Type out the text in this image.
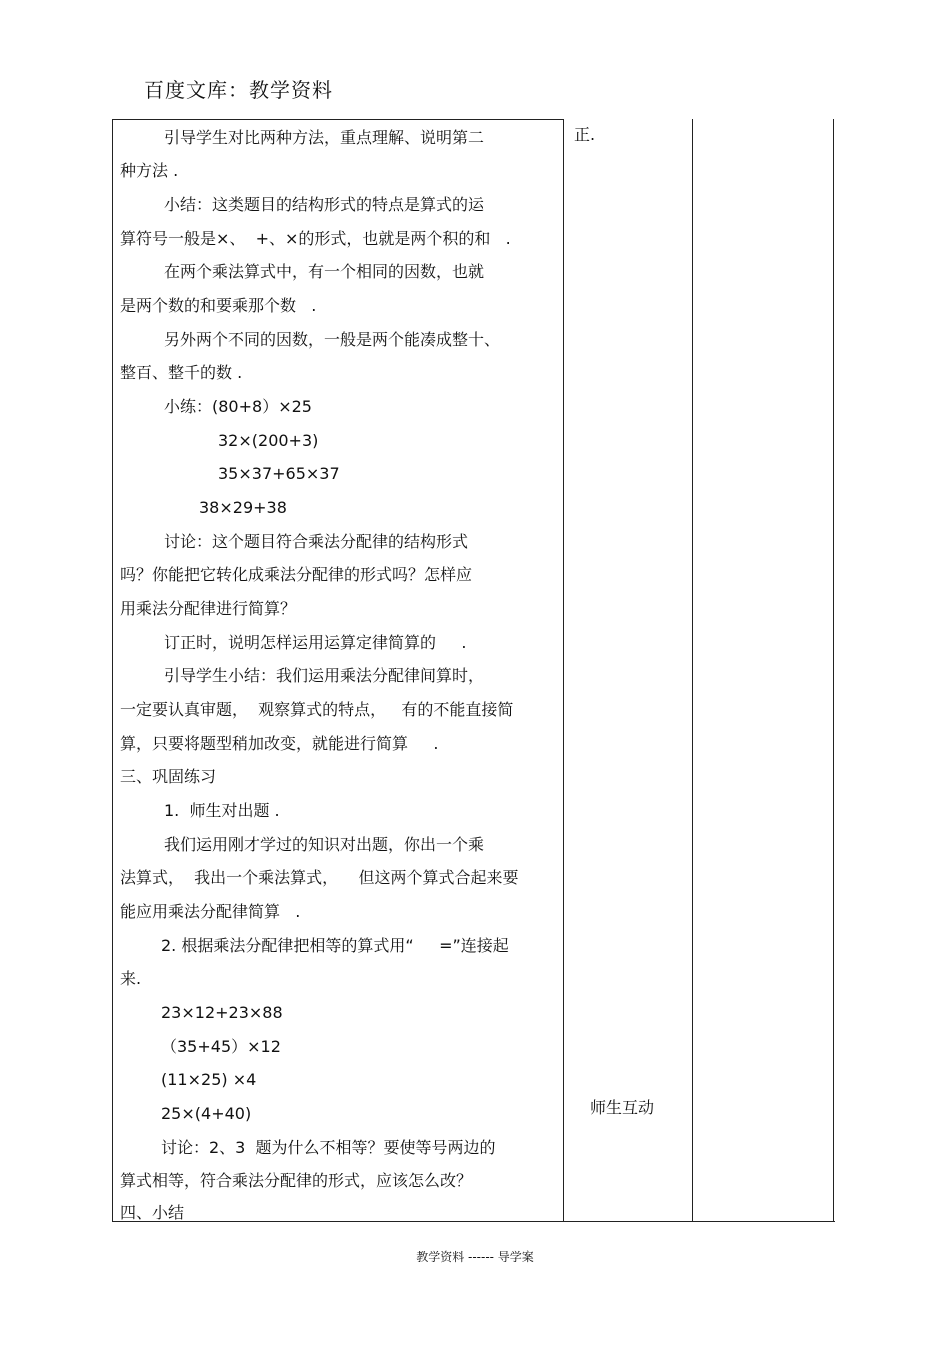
百度文库：教学资料
引导学生对比两种方法，重点理解、说明第二
种方法 .
小结：这类题目的结构形式的特点是算式的运
算符号一般是×、  +、×的形式，也就是两个积的和   .
在两个乘法算式中，有一个相同的因数，也就
是两个数的和要乘那个数   .
另外两个不同的因数，一般是两个能凑成整十、
整百、整千的数 .
小练：(80+8）×25
32×(200+3)
35×37+65×37
38×29+38
讨论：这个题目符合乘法分配律的结构形式
吗？你能把它转化成乘法分配律的形式吗？怎样应
用乘法分配律进行简算？
订正时，说明怎样运用运算定律简算的     .
引导学生小结：我们运用乘法分配律间算时，
一定要认真审题，  观察算式的特点，   有的不能直接简
算，只要将题型稍加改变，就能进行简算     .
三、巩固练习
1.  师生对出题 .
我们运用刚才学过的知识对出题，你出一个乘
法算式，  我出一个乘法算式，    但这两个算式合起来要
能应用乘法分配律简算   .
2. 根据乘法分配律把相等的算式用“     =”连接起
来.
23×12+23×88
（35+45）×12
(11×25) ×4
25×(4+40)
讨论：2、3  题为什么不相等？要使等号两边的
算式相等，符合乘法分配律的形式，应该怎么改？
四、小结
正.
师生互动
教学资料 ------ 导学案
